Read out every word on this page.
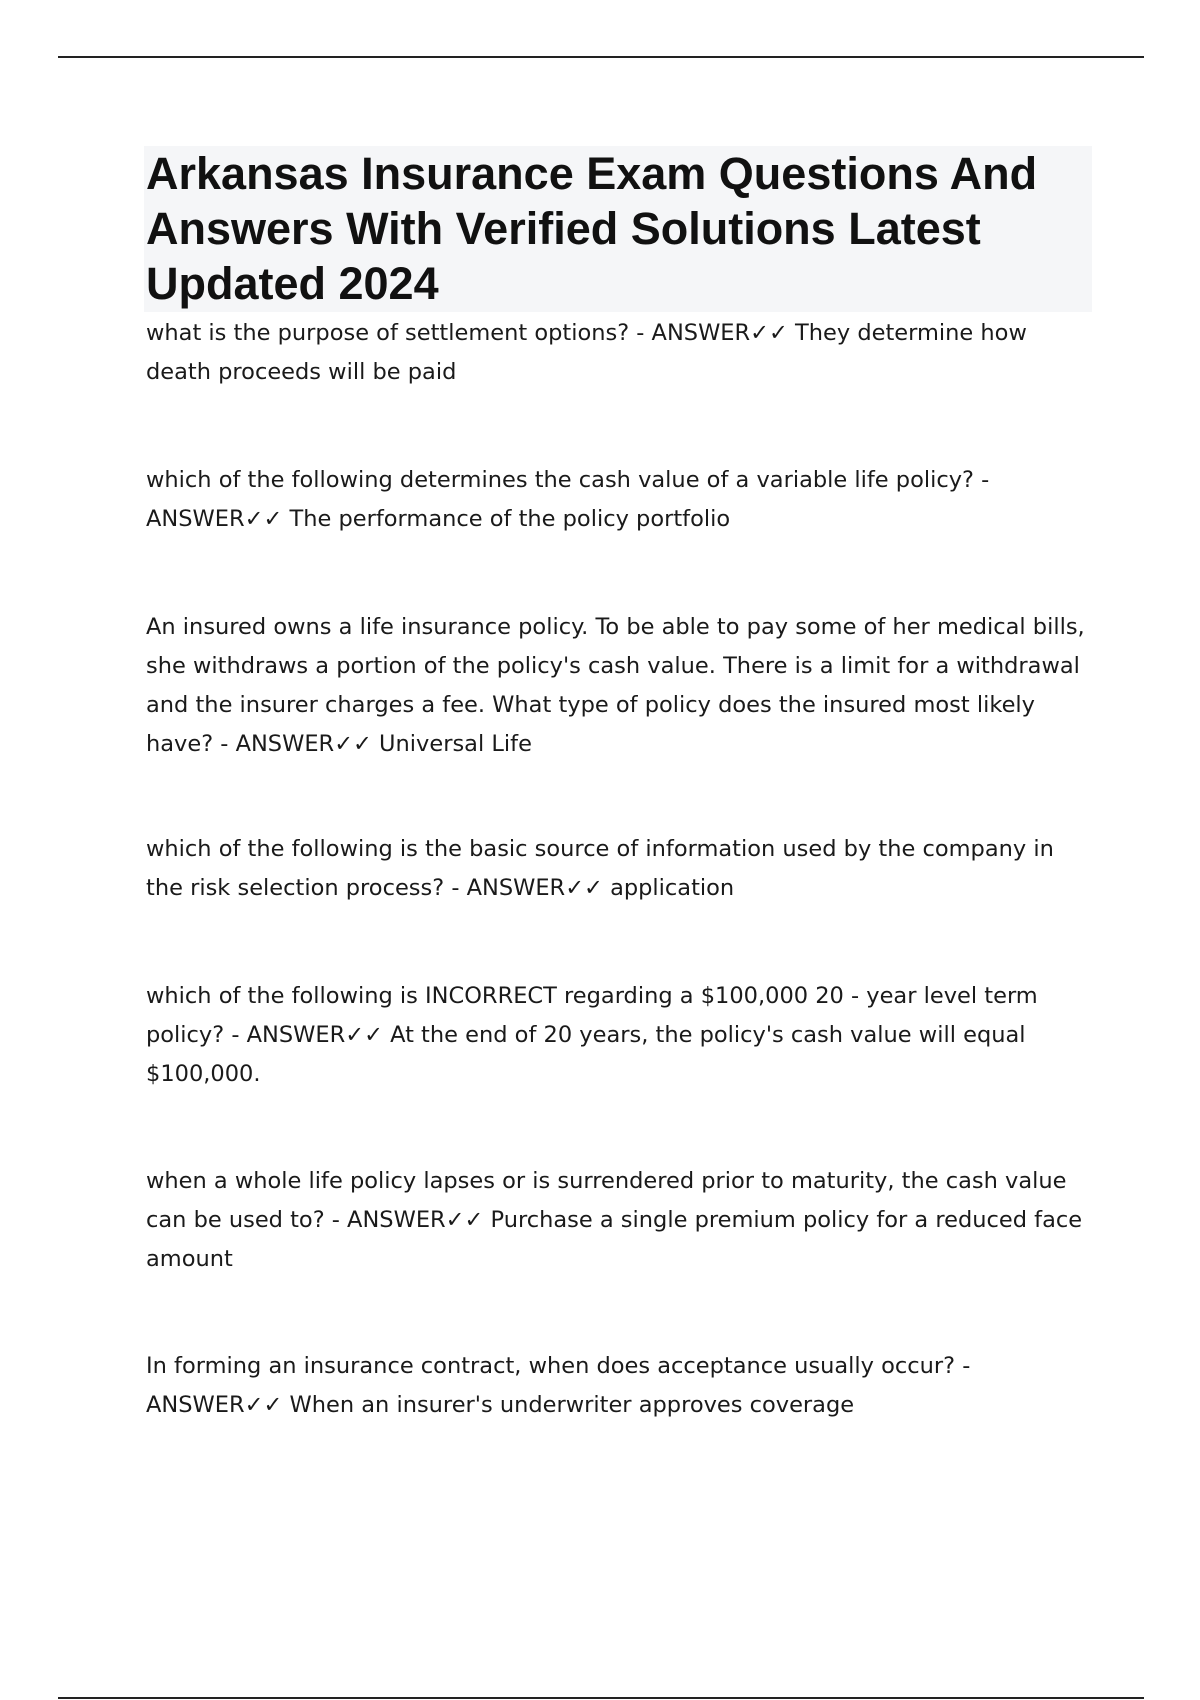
Arkansas Insurance Exam Questions And Answers With Verified Solutions Latest Updated 2024

what is the purpose of settlement options? - ANSWER✓✓ They determine how death proceeds will be paid

which of the following determines the cash value of a variable life policy? - ANSWER✓✓ The performance of the policy portfolio

An insured owns a life insurance policy. To be able to pay some of her medical bills, she withdraws a portion of the policy's cash value. There is a limit for a withdrawal and the insurer charges a fee. What type of policy does the insured most likely have? - ANSWER✓✓ Universal Life

which of the following is the basic source of information used by the company in the risk selection process? - ANSWER✓✓ application

which of the following is INCORRECT regarding a $100,000 20 - year level term policy? - ANSWER✓✓ At the end of 20 years, the policy's cash value will equal $100,000.

when a whole life policy lapses or is surrendered prior to maturity, the cash value can be used to? - ANSWER✓✓ Purchase a single premium policy for a reduced face amount

In forming an insurance contract, when does acceptance usually occur? - ANSWER✓✓ When an insurer's underwriter approves coverage
